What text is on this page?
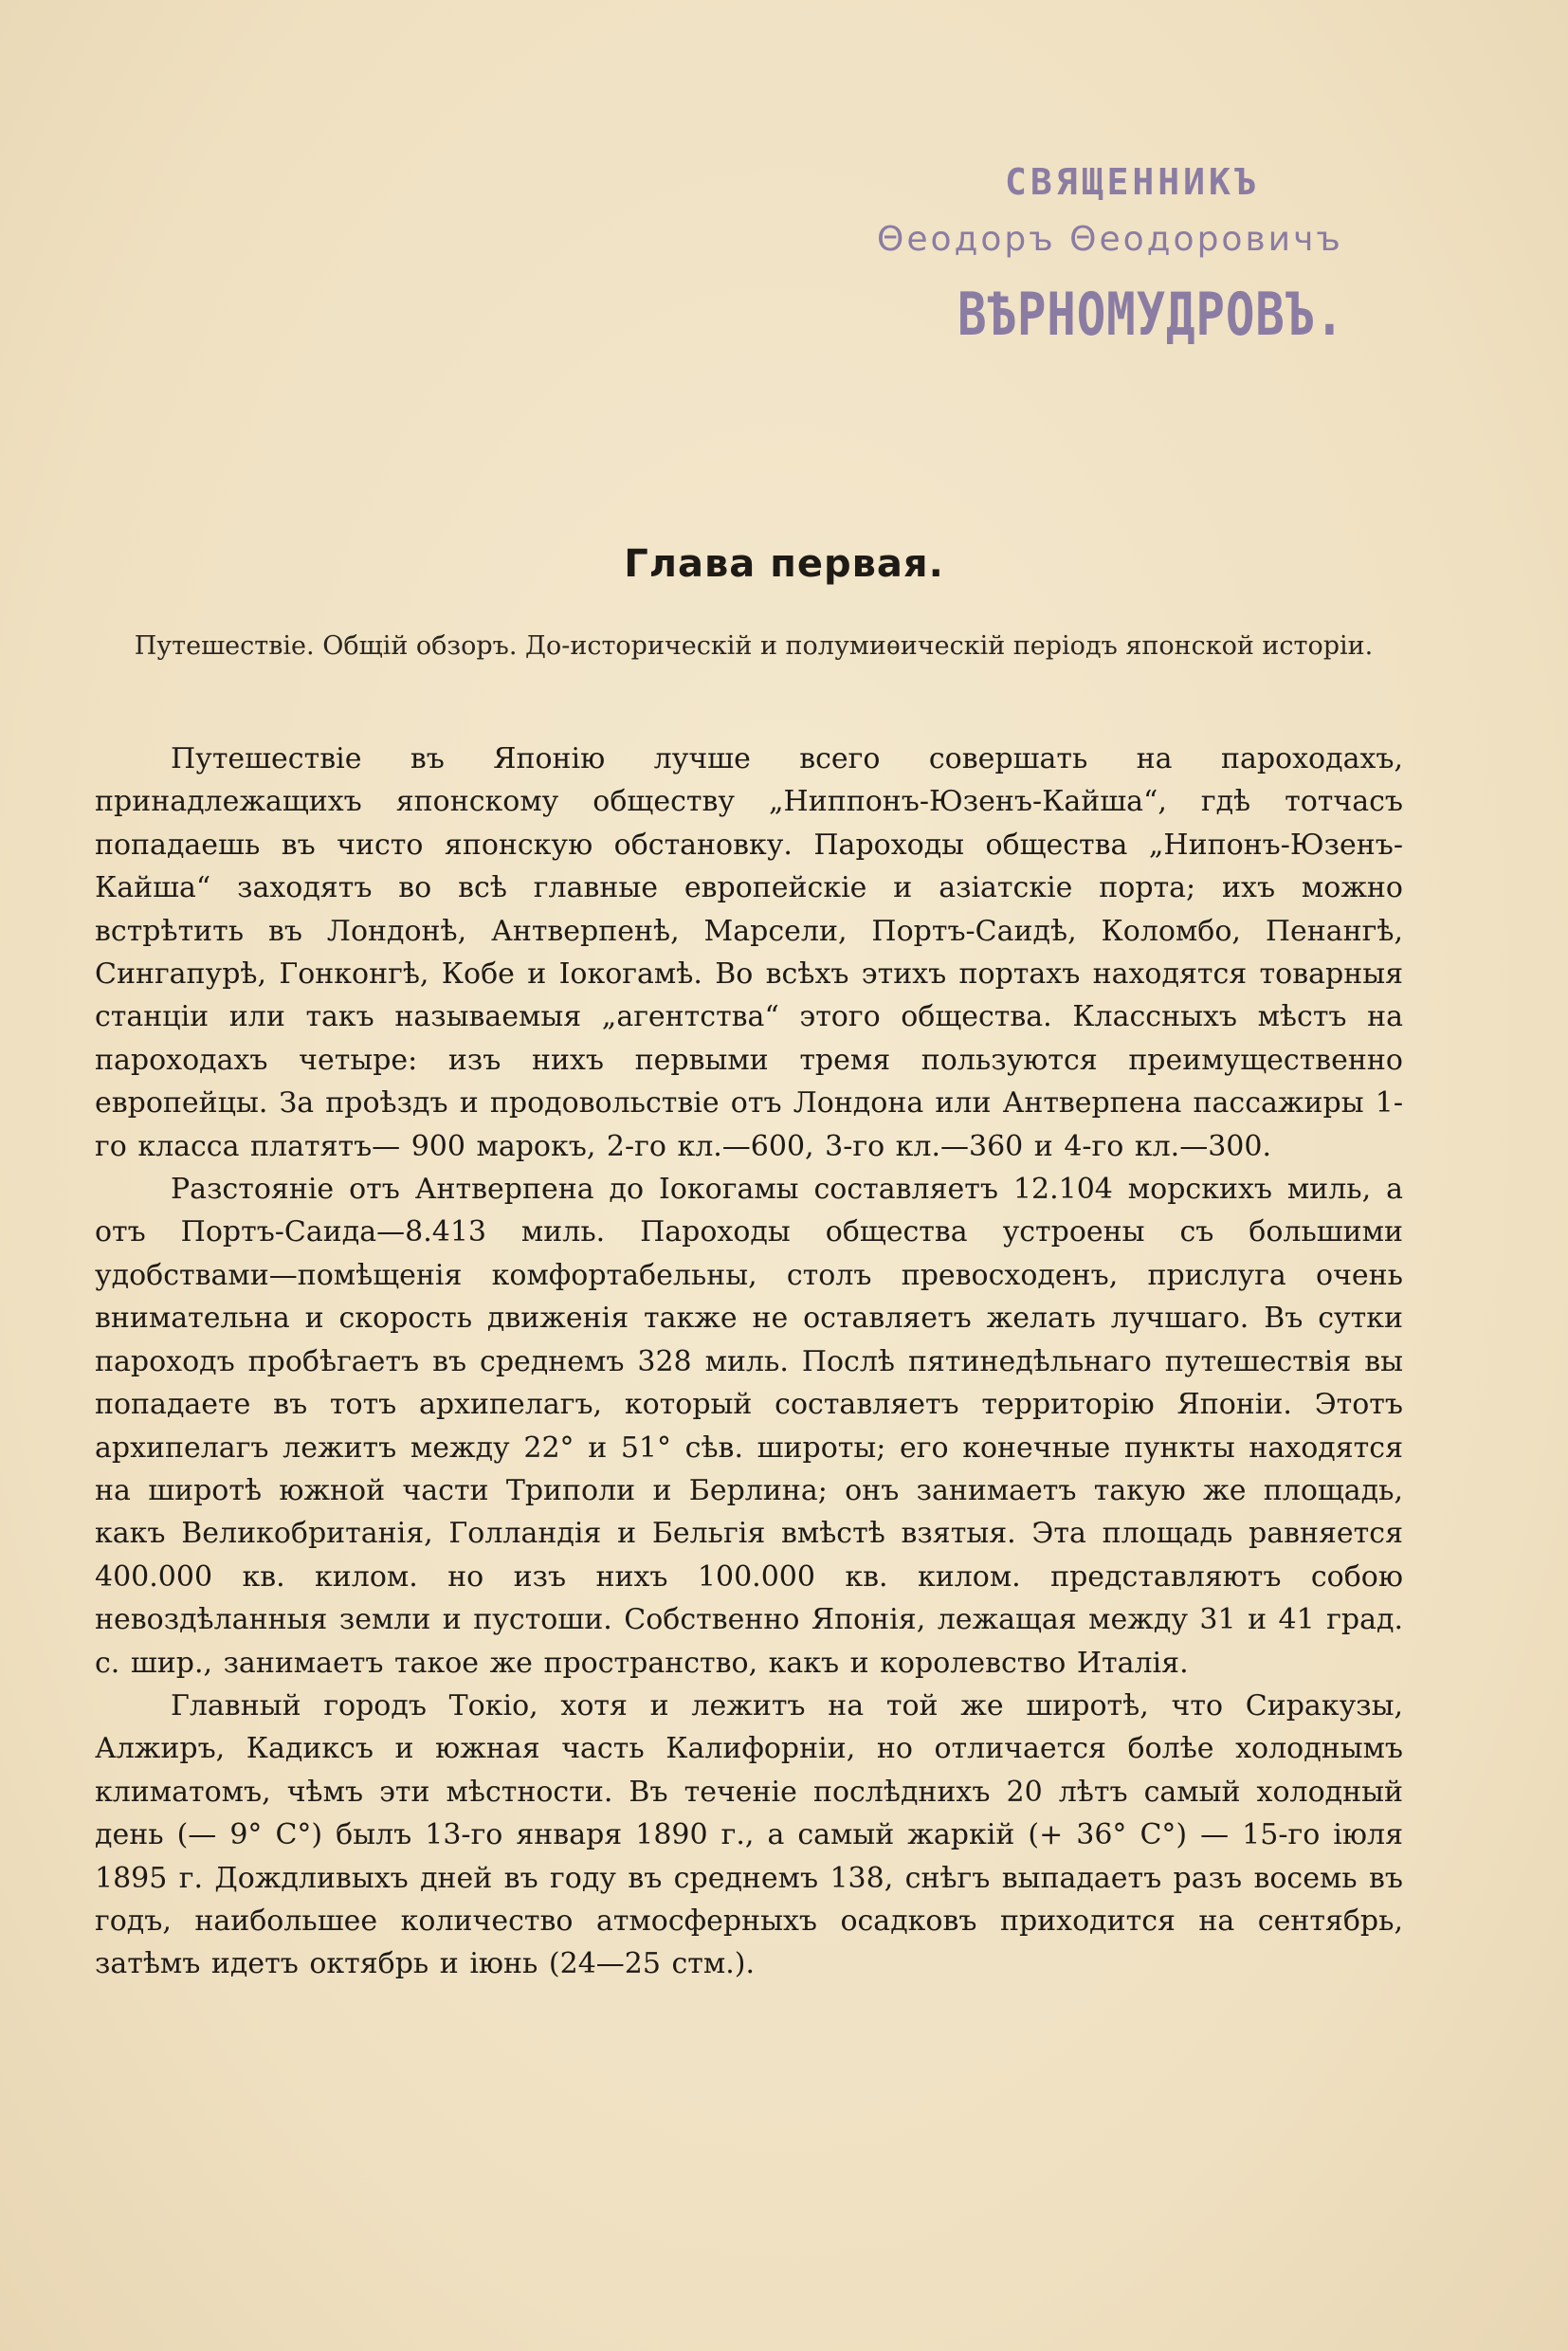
СВЯЩЕННИКЪ
Θеодоръ Θеодоровичъ
ВѢРНОМУДРОВЪ.
Глава первая.
Путешествіе. Общій обзоръ. До-историческій и полумиѳическій періодъ японской исторіи.

Путешествіе въ Японію лучше всего совершать на пароходахъ, принадлежащихъ японскому обществу „Ниппонъ-Юзенъ-Кайша“, гдѣ тотчасъ попадаешь въ чисто японскую обстановку. Пароходы общества „Нипонъ-Юзенъ-Кайша“ заходятъ во всѣ главные европейскіе и азіатскіе порта; ихъ можно встрѣтить въ Лондонѣ, Антверпенѣ, Марсели, Портъ-Саидѣ, Коломбо, Пенангѣ, Сингапурѣ, Гонконгѣ, Кобе и Іокогамѣ. Во всѣхъ этихъ портахъ находятся товарныя станціи или такъ называемыя „агентства“ этого общества. Классныхъ мѣстъ на пароходахъ четыре: изъ нихъ первыми тремя пользуются преимущественно европейцы. За проѣздъ и продовольствіе отъ Лондона или Антверпена пассажиры 1-го класса платятъ— 900 марокъ, 2-го кл.—600, 3-го кл.—360 и 4-го кл.—300.

Разстояніе отъ Антверпена до Іокогамы составляетъ 12.104 морскихъ миль, а отъ Портъ-Саида—8.413 миль. Пароходы общества устроены съ большими удобствами—помѣщенія комфортабельны, столъ превосходенъ, прислуга очень внимательна и скорость движенія также не оставляетъ желать лучшаго. Въ сутки пароходъ пробѣгаетъ въ среднемъ 328 миль. Послѣ пятинедѣльнаго путешествія вы попадаете въ тотъ архипелагъ, который составляетъ территорію Японіи. Этотъ архипелагъ лежитъ между 22° и 51° сѣв. широты; его конечные пункты находятся на широтѣ южной части Триполи и Берлина; онъ занимаетъ такую же площадь, какъ Великобританія, Голландія и Бельгія вмѣстѣ взятыя. Эта площадь равняется 400.000 кв. килом. но изъ нихъ 100.000 кв. килом. представляютъ собою невоздѣланныя земли и пустоши. Собственно Японія, лежащая между 31 и 41 град. с. шир., занимаетъ такое же пространство, какъ и королевство Италія.

Главный городъ Токіо, хотя и лежитъ на той же широтѣ, что Сиракузы, Алжиръ, Кадиксъ и южная часть Калифорніи, но отличается болѣе холоднымъ климатомъ, чѣмъ эти мѣстности. Въ теченіе послѣднихъ 20 лѣтъ самый холодный день (— 9° C°) былъ 13-го января 1890 г., а самый жаркій (+ 36° C°) — 15-го іюля 1895 г. Дождливыхъ дней въ году въ среднемъ 138, снѣгъ выпадаетъ разъ восемь въ годъ, наибольшее количество атмосферныхъ осадковъ приходится на сентябрь, затѣмъ идетъ октябрь и іюнь (24—25 стм.).
